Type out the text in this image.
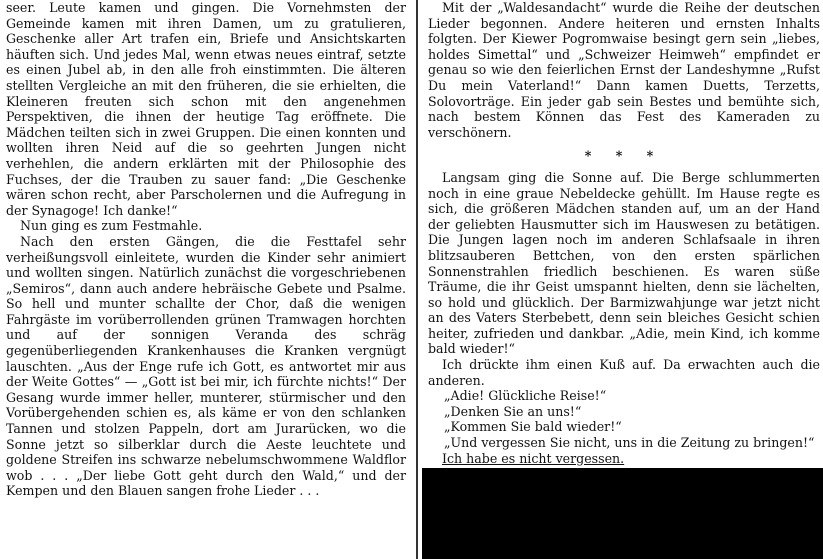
seer. Leute kamen und gingen. Die Vornehmsten der Gemeinde kamen mit ihren Damen, um zu gratulieren, Geschenke aller Art trafen ein, Briefe und Ansichtskarten häuften sich. Und jedes Mal, wenn etwas neues eintraf, setzte es einen Jubel ab, in den alle froh einstimmten. Die älteren stellten Vergleiche an mit den früheren, die sie erhielten, die Kleineren freuten sich schon mit den angenehmen Perspektiven, die ihnen der heutige Tag eröffnete. Die Mädchen teilten sich in zwei Gruppen. Die einen konnten und wollten ihren Neid auf die so geehrten Jungen nicht verhehlen, die andern erklärten mit der Philosophie des Fuchses, der die Trauben zu sauer fand: „Die Geschenke wären schon recht, aber Parscholernen und die Aufregung in der Synagoge! Ich danke!“

Nun ging es zum Festmahle.

Nach den ersten Gängen, die die Festtafel sehr verheißungsvoll einleitete, wurden die Kinder sehr animiert und wollten singen. Natürlich zunächst die vorgeschriebenen „Semiros“, dann auch andere hebräische Gebete und Psalme. So hell und munter schallte der Chor, daß die wenigen Fahrgäste im vorüberrollenden grünen Tramwagen horchten und auf der sonnigen Veranda des schräg gegenüberliegenden Krankenhauses die Kranken vergnügt lauschten. „Aus der Enge rufe ich Gott, es antwortet mir aus der Weite Gottes“ — „Gott ist bei mir, ich fürchte nichts!“ Der Gesang wurde immer heller, munterer, stürmischer und den Vorübergehenden schien es, als käme er von den schlanken Tannen und stolzen Pappeln, dort am Jurarücken, wo die Sonne jetzt so silberklar durch die Aeste leuchtete und goldene Streifen ins schwarze nebelumschwommene Waldflor wob . . . „Der liebe Gott geht durch den Wald,“ und der Kempen und den Blauen sangen frohe Lieder . . .

Mit der „Waldesandacht“ wurde die Reihe der deutschen Lieder begonnen. Andere heiteren und ernsten Inhalts folgten. Der Kiewer Pogromwaise besingt gern sein „liebes, holdes Simettal“ und „Schweizer Heimweh“ empfindet er genau so wie den feierlichen Ernst der Landeshymne „Rufst Du mein Vaterland!“ Dann kamen Duetts, Terzetts, Solovorträge. Ein jeder gab sein Bestes und bemühte sich, nach bestem Können das Fest des Kameraden zu verschönern.

* * *

Langsam ging die Sonne auf. Die Berge schlummerten noch in eine graue Nebeldecke gehüllt. Im Hause regte es sich, die größeren Mädchen standen auf, um an der Hand der geliebten Hausmutter sich im Hauswesen zu betätigen. Die Jungen lagen noch im anderen Schlafsaale in ihren blitzsauberen Bettchen, von den ersten spärlichen Sonnenstrahlen friedlich beschienen. Es waren süße Träume, die ihr Geist umspannt hielten, denn sie lächelten, so hold und glücklich. Der Barmizwahjunge war jetzt nicht an des Vaters Sterbebett, denn sein bleiches Gesicht schien heiter, zufrieden und dankbar. „Adie, mein Kind, ich komme bald wieder!“

Ich drückte ihm einen Kuß auf. Da erwachten auch die anderen.

„Adie! Glückliche Reise!“

„Denken Sie an uns!“

„Kommen Sie bald wieder!“

„Und vergessen Sie nicht, uns in die Zeitung zu bringen!“

Ich habe es nicht vergessen.
